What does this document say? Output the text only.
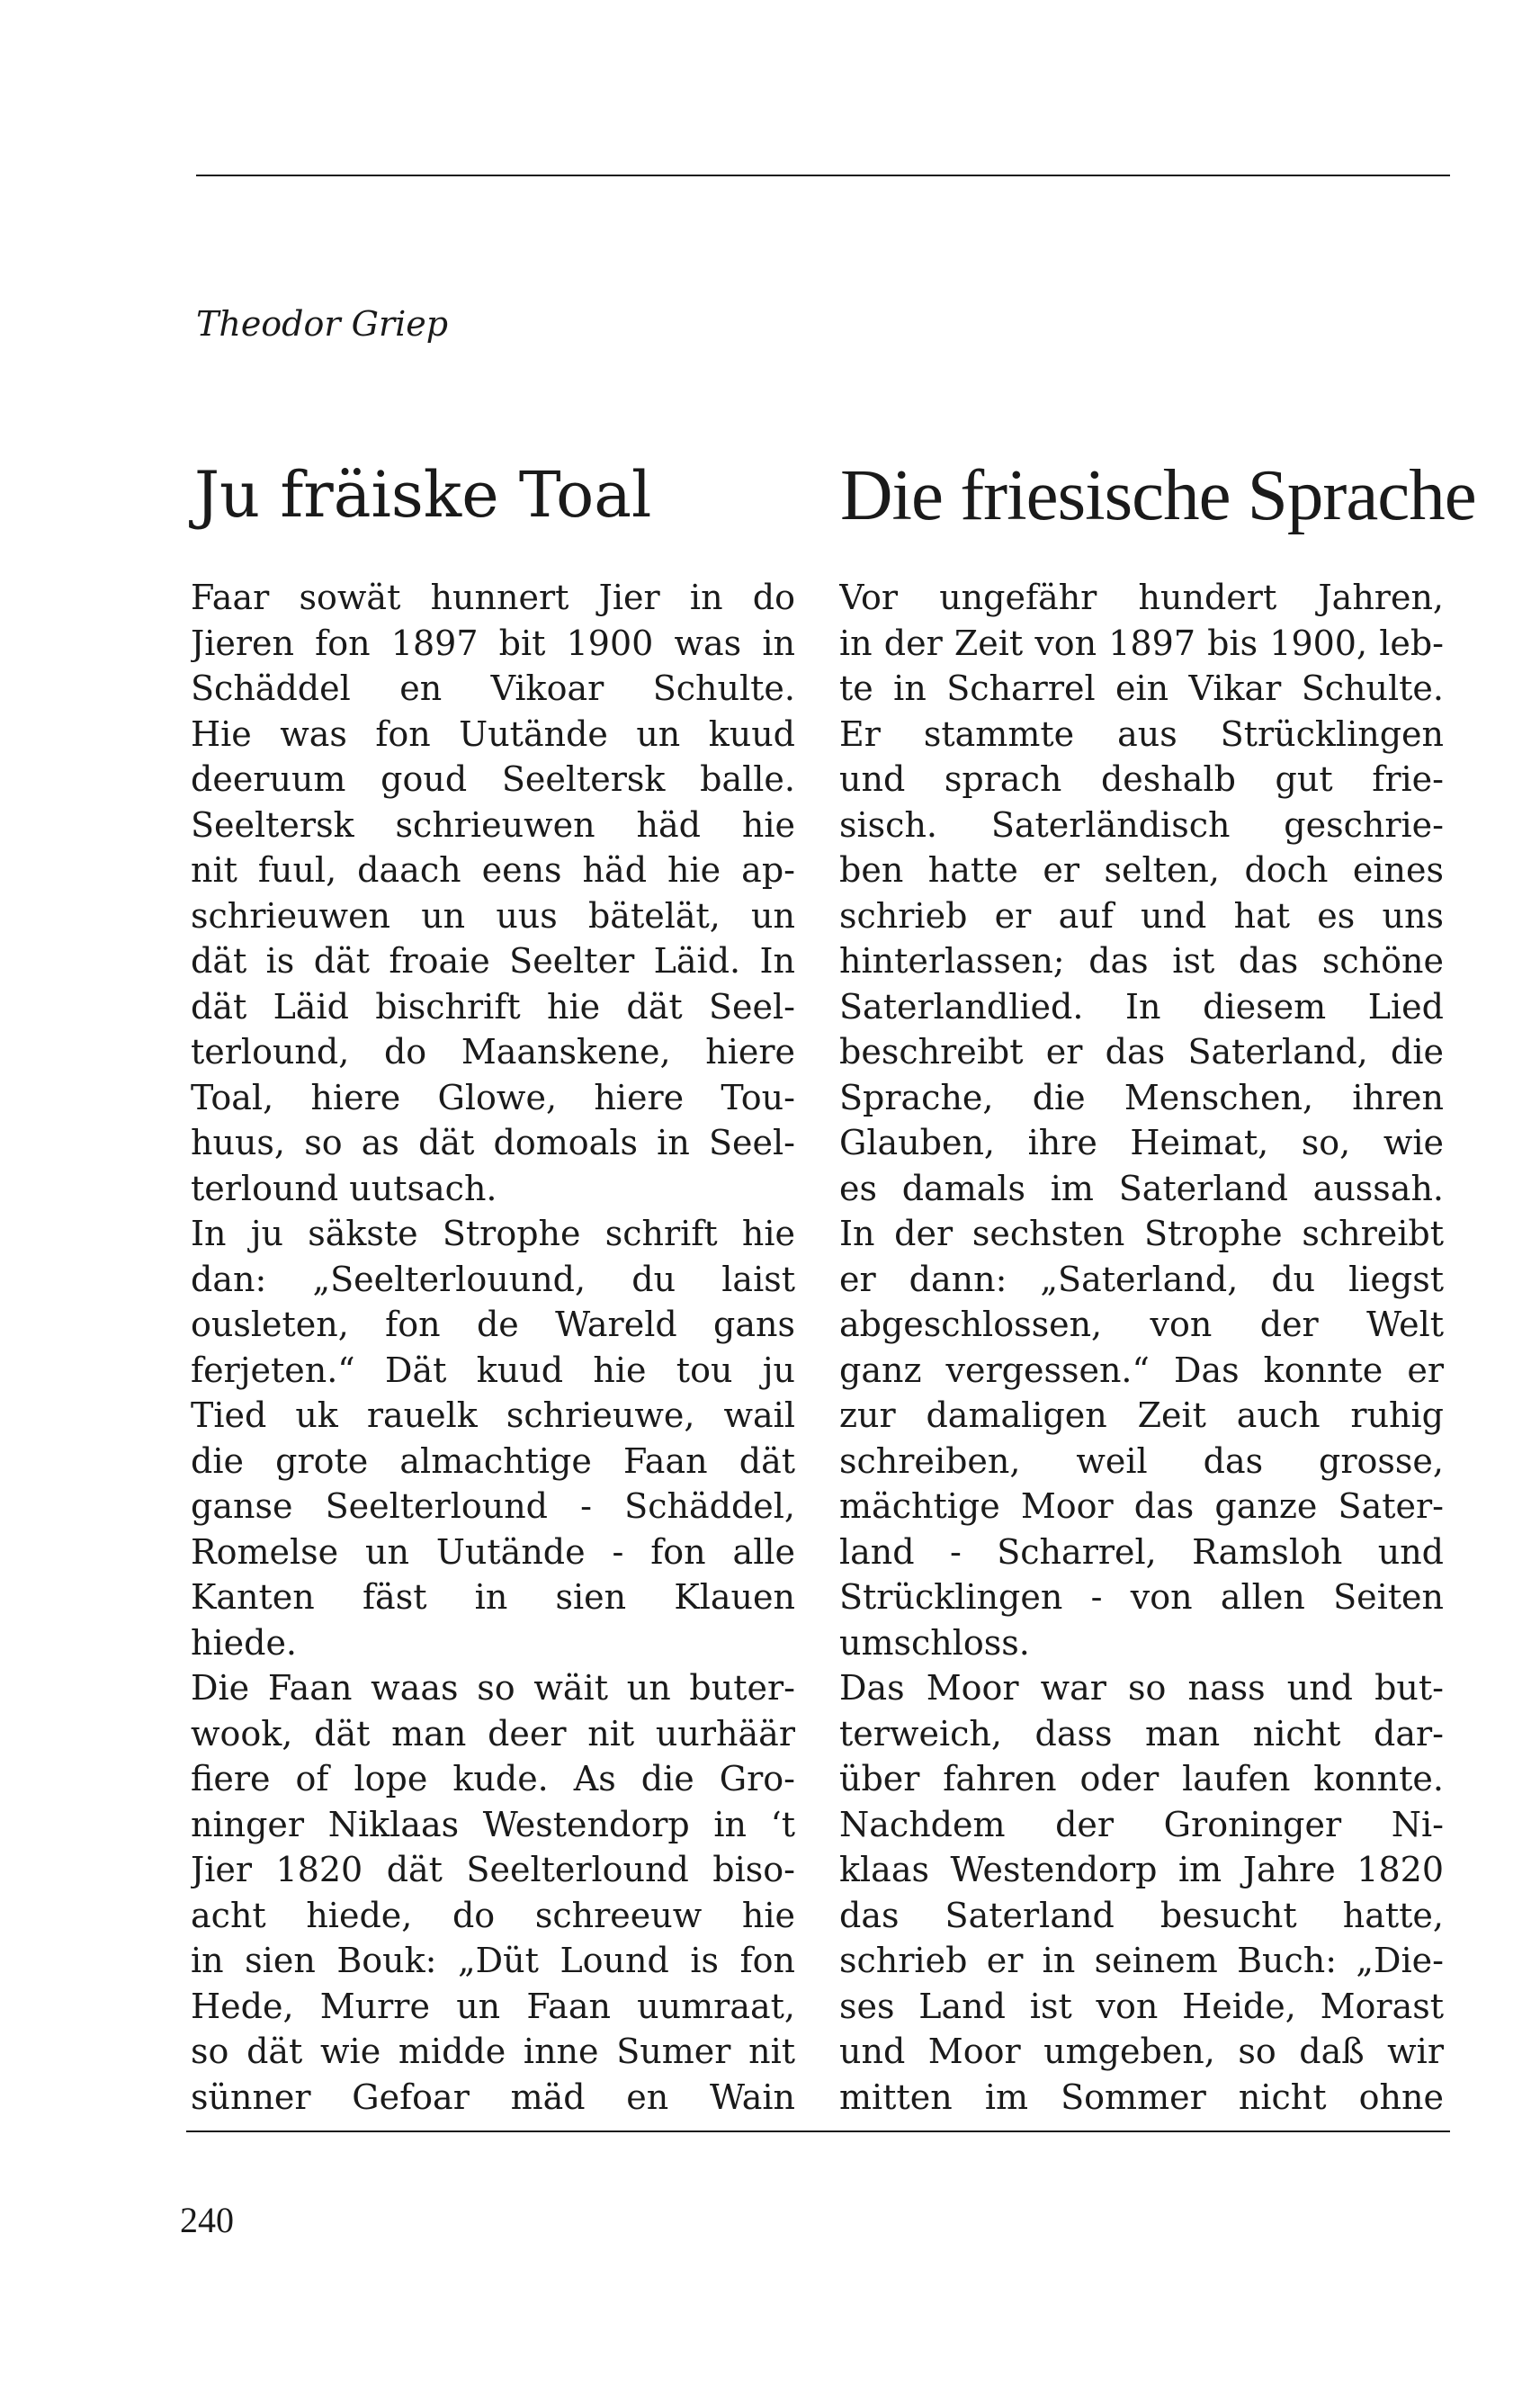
Theodor Griep
Ju fräiske Toal	Die friesische Sprache
Faar sowät hunnert Jier in do
Jieren fon 1897 bit 1900 was in
Schäddel en Vikoar Schulte.
Hie was fon Uutände un kuud
deeruum goud Seeltersk balle.
Seeltersk schrieuwen häd hie
nit fuul, daach eens häd hie ap-
schrieuwen un uus bätelät, un
dät is dät froaie Seelter Läid. In
dät Läid bischrift hie dät Seel-
terlound, do Maanskene, hiere
Toal, hiere Glowe, hiere Tou-
huus, so as dät domoals in Seel-
terlound uutsach.
In ju säkste Strophe schrift hie
dan: „Seelterlouund, du laist
ousleten, fon de Wareld gans
ferjeten.“ Dät kuud hie tou ju
Tied uk rauelk schrieuwe, wail
die grote almachtige Faan dät
ganse Seelterlound - Schäddel,
Romelse un Uutände - fon alle
Kanten fäst in sien Klauen
hiede.
Die Faan waas so wäit un buter-
wook, dät man deer nit uurhäär
fiere of lope kude. As die Gro-
ninger Niklaas Westendorp in ‘t
Jier 1820 dät Seelterlound biso-
acht hiede, do schreeuw hie
in sien Bouk: „Düt Lound is fon
Hede, Murre un Faan uumraat,
so dät wie midde inne Sumer nit
sünner Gefoar mäd en Wain
Vor ungefähr hundert Jahren,
in der Zeit von 1897 bis 1900, leb-
te in Scharrel ein Vikar Schulte.
Er stammte aus Strücklingen
und sprach deshalb gut frie-
sisch. Saterländisch geschrie-
ben hatte er selten, doch eines
schrieb er auf und hat es uns
hinterlassen; das ist das schöne
Saterlandlied. In diesem Lied
beschreibt er das Saterland, die
Sprache, die Menschen, ihren
Glauben, ihre Heimat, so, wie
es damals im Saterland aussah.
In der sechsten Strophe schreibt
er dann: „Saterland, du liegst
abgeschlossen, von der Welt
ganz vergessen.“ Das konnte er
zur damaligen Zeit auch ruhig
schreiben, weil das grosse,
mächtige Moor das ganze Sater-
land - Scharrel, Ramsloh und
Strücklingen - von allen Seiten
umschloss.
Das Moor war so nass und but-
terweich, dass man nicht dar-
über fahren oder laufen konnte.
Nachdem der Groninger Ni-
klaas Westendorp im Jahre 1820
das Saterland besucht hatte,
schrieb er in seinem Buch: „Die-
ses Land ist von Heide, Morast
und Moor umgeben, so daß wir
mitten im Sommer nicht ohne
240
